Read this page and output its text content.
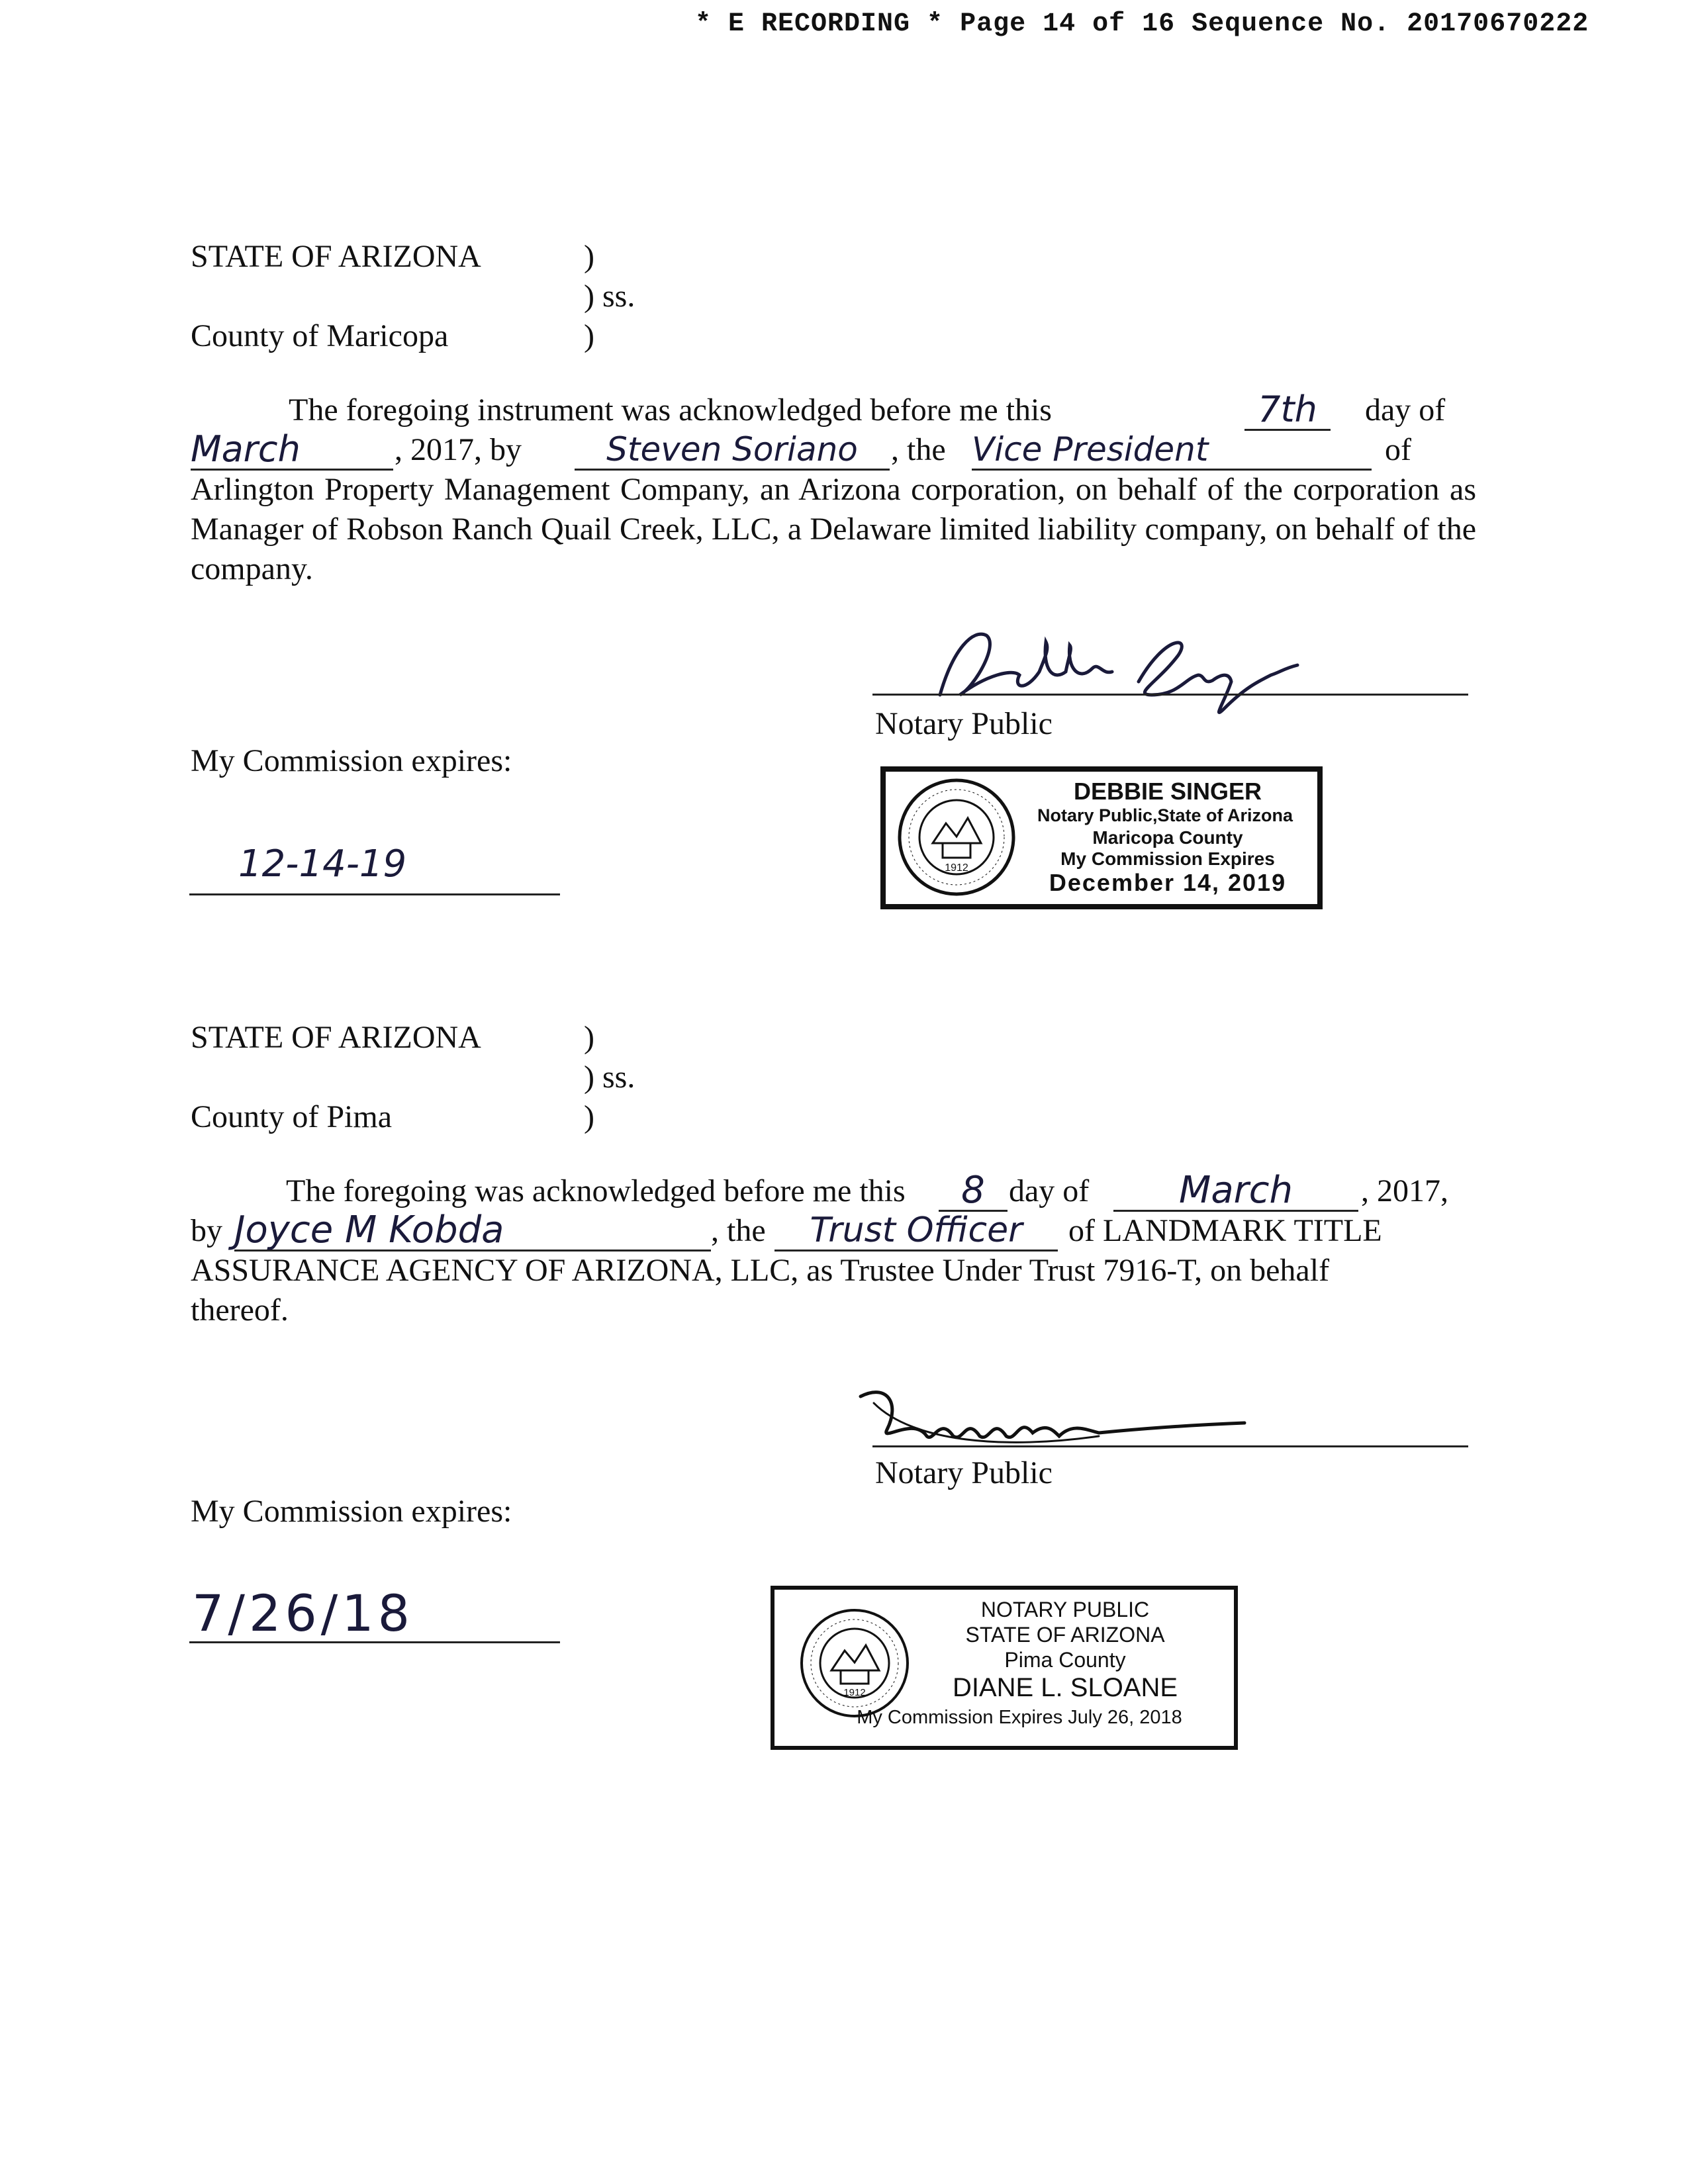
* E RECORDING * Page 14 of 16 Sequence No. 20170670222
STATE OF ARIZONA	)
) ss.
County of Maricopa	)
The foregoing instrument was acknowledged before me this	7th	day of
March	, 2017, by	Steven Soriano	, the Vice President	of
Arlington Property Management Company, an Arizona corporation, on behalf of the corporation as Manager of Robson Ranch Quail Creek, LLC, a Delaware limited liability company, on behalf of the company.
Notary Public
My Commission expires:
12-14-19	1912
DEBBIE SINGER
Notary Public,State of Arizona
Maricopa County
My Commission Expires
December 14, 2019
STATE OF ARIZONA	)
) ss.
County of Pima	)
The foregoing was acknowledged before me this	8 day of	March	, 2017,
by Joyce M Kobda	, the	Trust Officer	of LANDMARK TITLE
ASSURANCE AGENCY OF ARIZONA, LLC, as Trustee Under Trust 7916-T, on behalf
thereof.
Notary Public
My Commission expires:
7/26/18
1912
NOTARY PUBLIC
STATE OF ARIZONA
Pima County
DIANE L. SLOANE
My Commission Expires July 26, 2018
